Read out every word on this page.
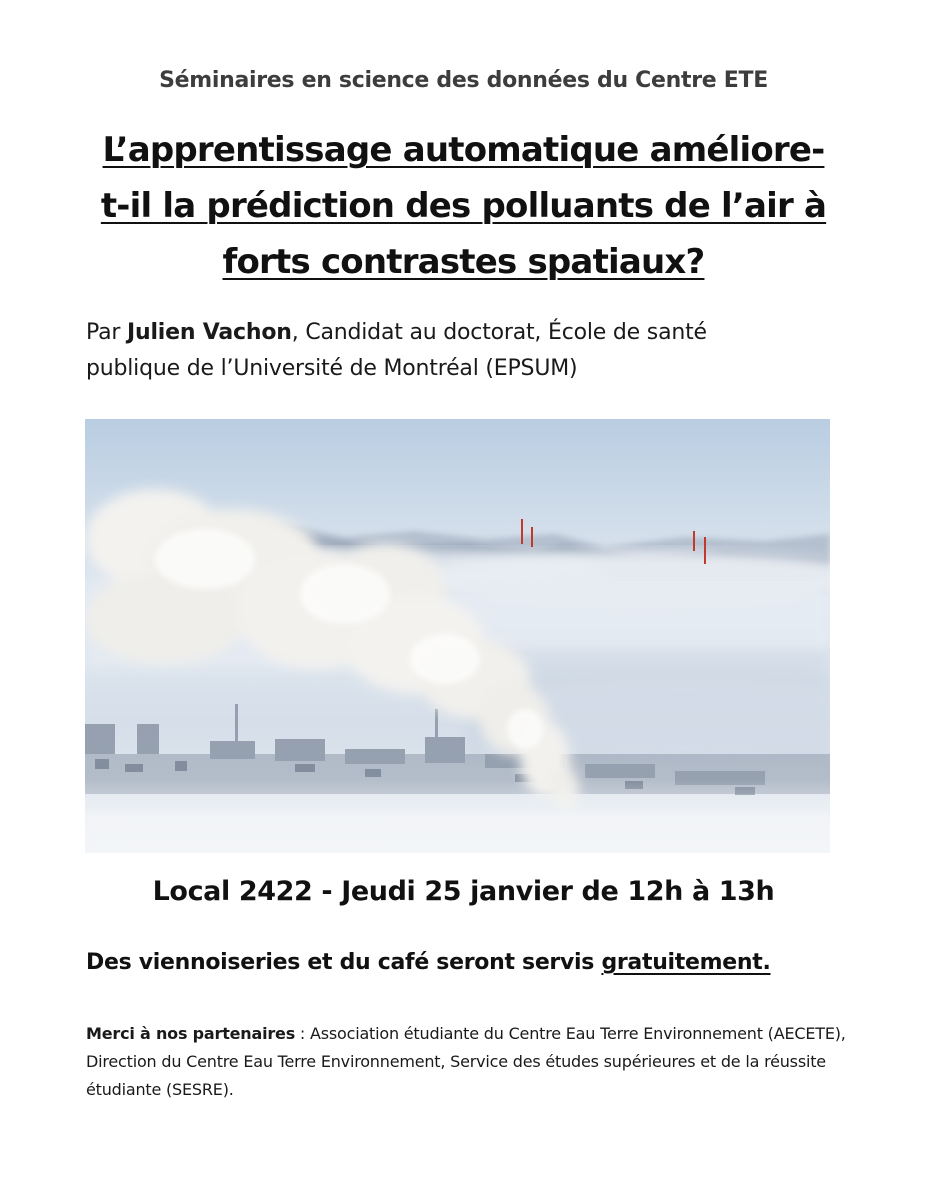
Séminaires en science des données du Centre ETE
L’apprentissage automatique améliore-
t-il la prédiction des polluants de l’air à
forts contrastes spatiaux?
Par Julien Vachon, Candidat au doctorat, École de santé
publique de l’Université de Montréal (EPSUM)
Local 2422 - Jeudi 25 janvier de 12h à 13h
Des viennoiseries et du café seront servis gratuitement.
Merci à nos partenaires : Association étudiante du Centre Eau Terre Environnement (AECETE), Direction du Centre Eau Terre Environnement, Service des études supérieures et de la réussite étudiante (SESRE).
